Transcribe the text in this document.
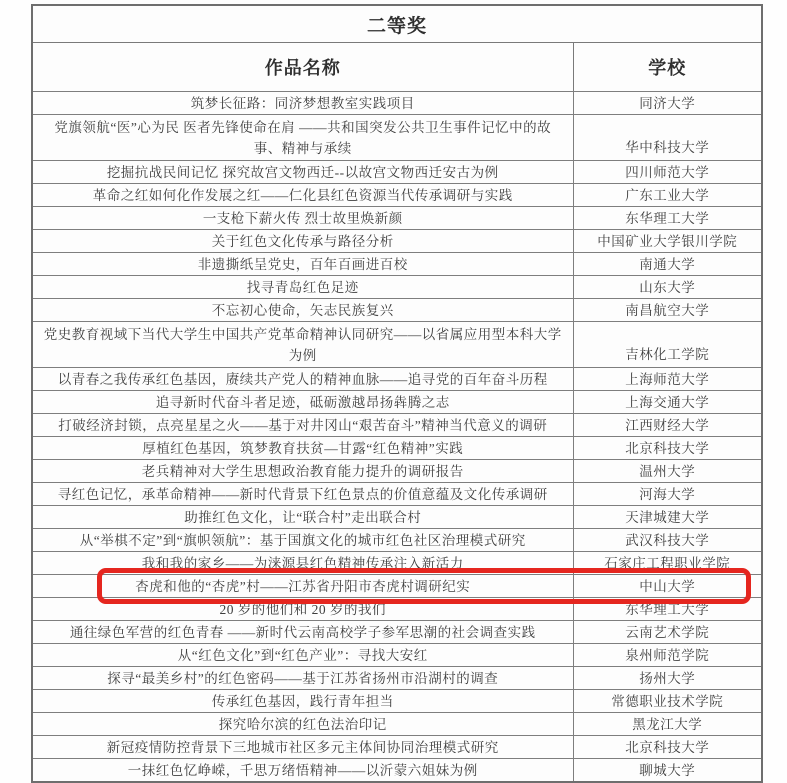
二等奖
作品名称	学校
筑梦长征路：同济梦想教室实践项目	同济大学
党旗领航“医”心为民 医者先锋使命在肩 ——共和国突发公共卫生事件记忆中的故事、精神与承续	华中科技大学
挖掘抗战民间记忆 探究故宫文物西迁--以故宫文物西迁安古为例	四川师范大学
革命之红如何化作发展之红——仁化县红色资源当代传承调研与实践	广东工业大学
一支枪下薪火传 烈士故里焕新颜	东华理工大学
关于红色文化传承与路径分析	中国矿业大学银川学院
非遗撕纸呈党史，百年百画进百校	南通大学
找寻青岛红色足迹	山东大学
不忘初心使命，矢志民族复兴	南昌航空大学
党史教育视域下当代大学生中国共产党革命精神认同研究——以省属应用型本科大学为例	吉林化工学院
以青春之我传承红色基因，赓续共产党人的精神血脉——追寻党的百年奋斗历程	上海师范大学
追寻新时代奋斗者足迹，砥砺激越昂扬犇腾之志	上海交通大学
打破经济封锁，点亮星星之火——基于对井冈山“艰苦奋斗”精神当代意义的调研	江西财经大学
厚植红色基因，筑梦教育扶贫—甘露“红色精神”实践	北京科技大学
老兵精神对大学生思想政治教育能力提升的调研报告	温州大学
寻红色记忆，承革命精神——新时代背景下红色景点的价值意蕴及文化传承调研	河海大学
助推红色文化，让“联合村”走出联合村	天津城建大学
从“举棋不定”到“旗帜领航”：基于国旗文化的城市红色社区治理模式研究	武汉科技大学
我和我的家乡——为涞源县红色精神传承注入新活力	石家庄工程职业学院
杏虎和他的“杏虎”村——江苏省丹阳市杏虎村调研纪实	中山大学
20 岁的他们和 20 岁的我们	东华理工大学
通往绿色军营的红色青春 ——新时代云南高校学子参军思潮的社会调查实践	云南艺术学院
从“红色文化”到“红色产业”：寻找大安红	泉州师范学院
探寻“最美乡村”的红色密码——基于江苏省扬州市沿湖村的调查	扬州大学
传承红色基因，践行青年担当	常德职业技术学院
探究哈尔滨的红色法治印记	黑龙江大学
新冠疫情防控背景下三地城市社区多元主体间协同治理模式研究	北京科技大学
一抹红色忆峥嵘，千思万绪悟精神——以沂蒙六姐妹为例	聊城大学
